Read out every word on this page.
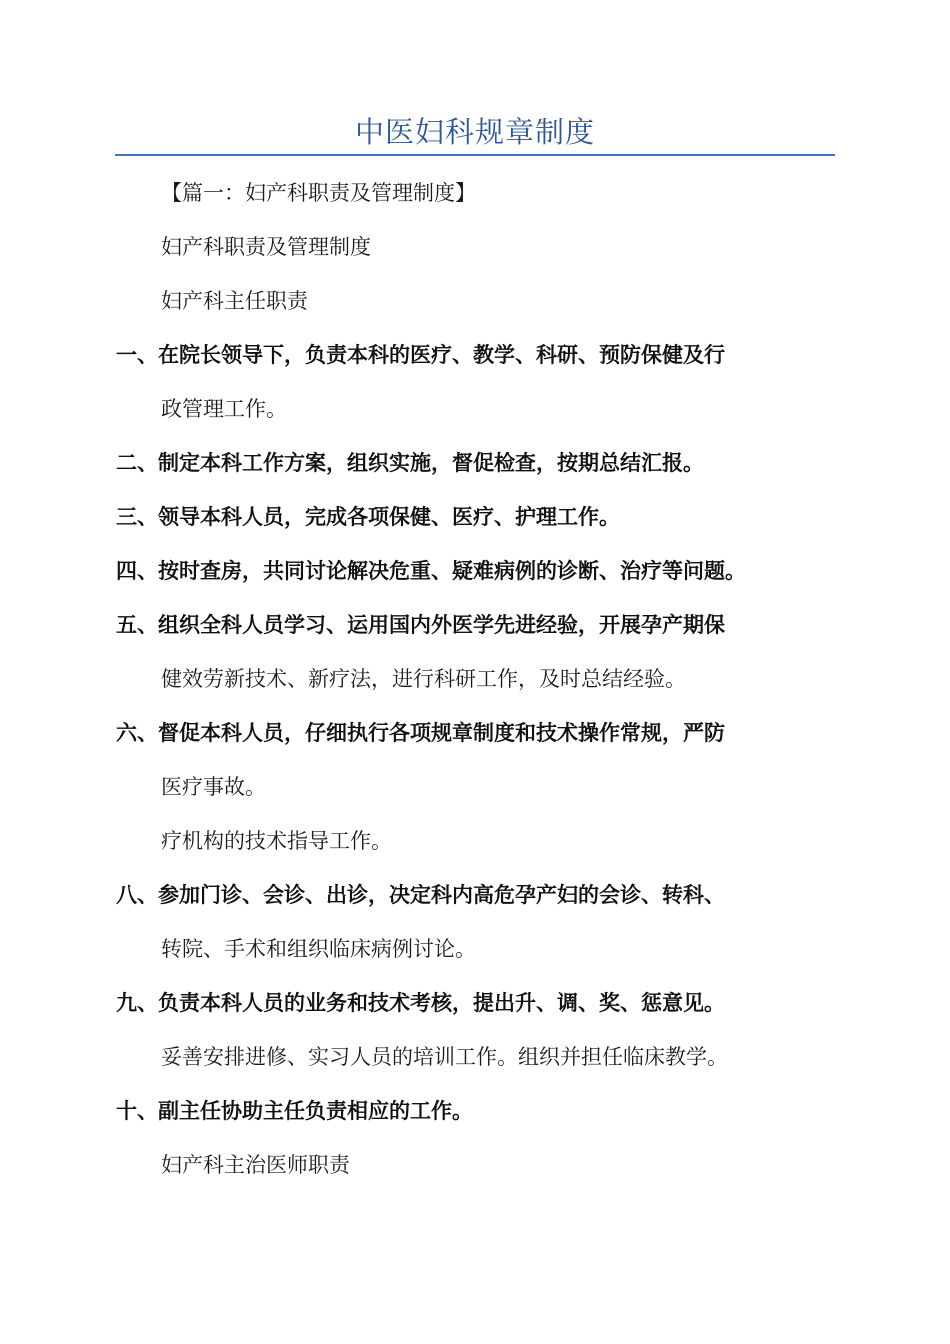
中医妇科规章制度
【篇一：妇产科职责及管理制度】
妇产科职责及管理制度
妇产科主任职责
一、在院长领导下，负责本科的医疗、教学、科研、预防保健及行
政管理工作。
二、制定本科工作方案，组织实施，督促检查，按期总结汇报。
三、领导本科人员，完成各项保健、医疗、护理工作。
四、按时查房，共同讨论解决危重、疑难病例的诊断、治疗等问题。
五、组织全科人员学习、运用国内外医学先进经验，开展孕产期保
健效劳新技术、新疗法，进行科研工作，及时总结经验。
六、督促本科人员，仔细执行各项规章制度和技术操作常规，严防
医疗事故。
疗机构的技术指导工作。
八、参加门诊、会诊、出诊，决定科内高危孕产妇的会诊、转科、
转院、手术和组织临床病例讨论。
九、负责本科人员的业务和技术考核，提出升、调、奖、惩意见。
妥善安排进修、实习人员的培训工作。组织并担任临床教学。
十、副主任协助主任负责相应的工作。
妇产科主治医师职责
